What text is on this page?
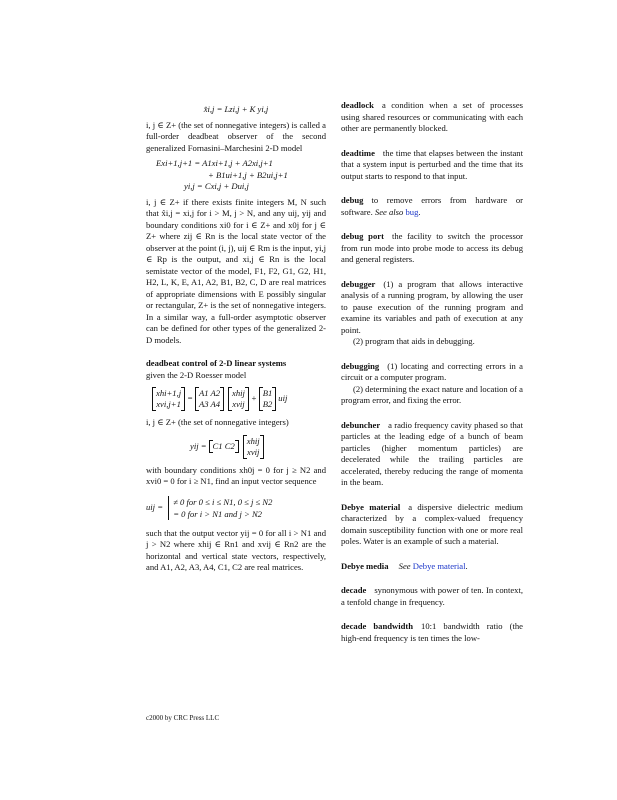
x̂i,j = Lzi,j + K yi,j

i, j ∈ Z+ (the set of nonnegative integers) is called a full-order deadbeat observer of the second generalized Fornasini–Marchesini 2-D model

Exi+1,j+1 = A1xi+1,j + A2xi,j+1
+ B1ui+1,j + B2ui,j+1
yi,j = Cxi,j + Dui,j

i, j ∈ Z+ if there exists finite integers M, N such that x̂i,j = xi,j for i > M, j > N, and any uij, yij and boundary conditions xi0 for i ∈ Z+ and x0j for j ∈ Z+ where zij ∈ Rn is the local state vector of the observer at the point (i, j), uij ∈ Rm is the input, yi,j ∈ Rp is the output, and xi,j ∈ Rn is the local semistate vector of the model, F1, F2, G1, G2, H1, H2, L, K, E, A1, A2, B1, B2, C, D are real matrices of appropriate dimensions with E possibly singular or rectangular, Z+ is the set of nonnegative integers. In a similar way, a full-order asymptotic observer can be defined for other types of the generalized 2-D models.

deadbeat control of 2-D linear systems

given the 2-D Roesser model

xhi+1,j
xvi,j+1
= A1 A2
A3 A4
xhij
xvij
+ B1
B2
uij

i, j ∈ Z+ (the set of nonnegative integers)

yij = C1 C2
xhij
xvij

with boundary conditions xh0j = 0 for j ≥ N2 and xvi0 = 0 for i ≥ N1, find an input vector sequence

uij = ≠ 0 for 0 ≤ i ≤ N1, 0 ≤ j ≤ N2
= 0 for i > N1 and j > N2

such that the output vector yij = 0 for all i > N1 and j > N2 where xhij ∈ Rn1 and xvij ∈ Rn2 are the horizontal and vertical state vectors, respectively, and A1, A2, A3, A4, C1, C2 are real matrices.

deadlock a condition when a set of processes using shared resources or communicating with each other are permanently blocked.

deadtime the time that elapses between the instant that a system input is perturbed and the time that its output starts to respond to that input.

debug to remove errors from hardware or software. See also bug.

debug port the facility to switch the processor from run mode into probe mode to access its debug and general registers.

debugger (1) a program that allows interactive analysis of a running program, by allowing the user to pause execution of the running program and examine its variables and path of execution at any point.

(2) program that aids in debugging.

debugging (1) locating and correcting errors in a circuit or a computer program.

(2) determining the exact nature and location of a program error, and fixing the error.

debuncher a radio frequency cavity phased so that particles at the leading edge of a bunch of beam particles (higher momentum particles) are decelerated while the trailing particles are accelerated, thereby reducing the range of momenta in the beam.

Debye material a dispersive dielectric medium characterized by a complex-valued frequency domain susceptibility function with one or more real poles. Water is an example of such a material.

Debye media See Debye material.

decade synonymous with power of ten. In context, a tenfold change in frequency.

decade bandwidth 10:1 bandwidth ratio (the high-end frequency is ten times the low-

c2000 by CRC Press LLC
